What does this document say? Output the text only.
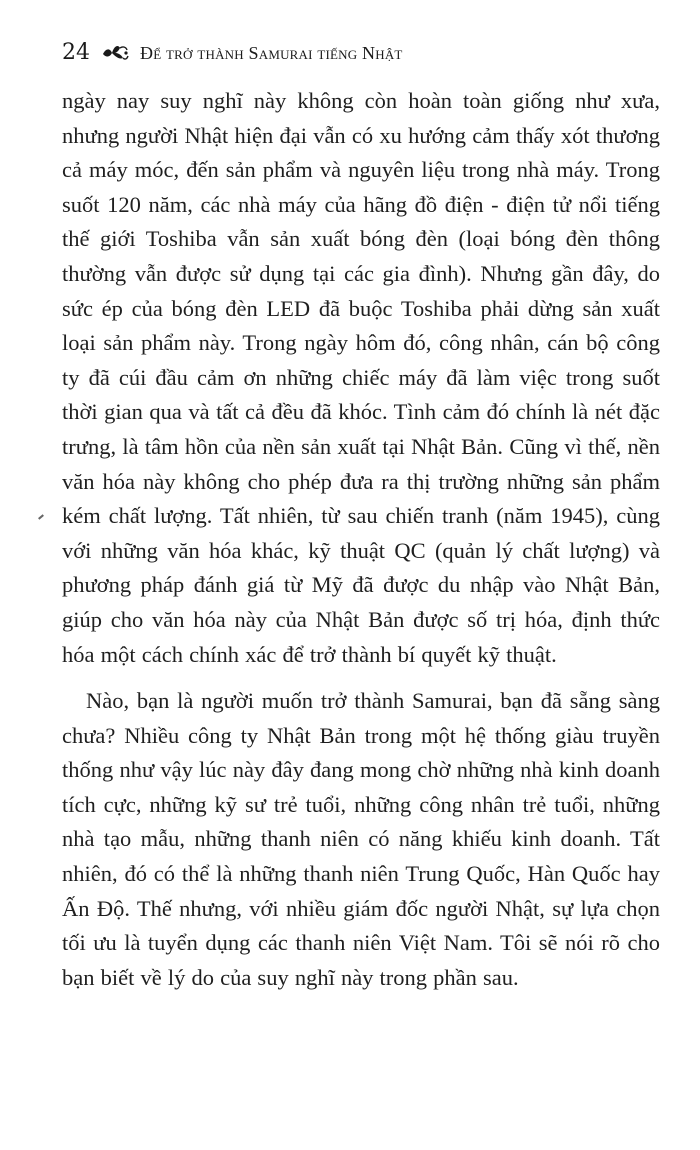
24	Để trở thành Samurai tiếng Nhật

ngày nay suy nghĩ này không còn hoàn toàn giống như xưa, nhưng người Nhật hiện đại vẫn có xu hướng cảm thấy xót thương cả máy móc, đến sản phẩm và nguyên liệu trong nhà máy. Trong suốt 120 năm, các nhà máy của hãng đồ điện - điện tử nổi tiếng thế giới Toshiba vẫn sản xuất bóng đèn (loại bóng đèn thông thường vẫn được sử dụng tại các gia đình). Nhưng gần đây, do sức ép của bóng đèn LED đã buộc Toshiba phải dừng sản xuất loại sản phẩm này. Trong ngày hôm đó, công nhân, cán bộ công ty đã cúi đầu cảm ơn những chiếc máy đã làm việc trong suốt thời gian qua và tất cả đều đã khóc. Tình cảm đó chính là nét đặc trưng, là tâm hồn của nền sản xuất tại Nhật Bản. Cũng vì thế, nền văn hóa này không cho phép đưa ra thị trường những sản phẩm kém chất lượng. Tất nhiên, từ sau chiến tranh (năm 1945), cùng với những văn hóa khác, kỹ thuật QC (quản lý chất lượng) và phương pháp đánh giá từ Mỹ đã được du nhập vào Nhật Bản, giúp cho văn hóa này của Nhật Bản được số trị hóa, định thức hóa một cách chính xác để trở thành bí quyết kỹ thuật.

Nào, bạn là người muốn trở thành Samurai, bạn đã sẵng sàng chưa? Nhiều công ty Nhật Bản trong một hệ thống giàu truyền thống như vậy lúc này đây đang mong chờ những nhà kinh doanh tích cực, những kỹ sư trẻ tuổi, những công nhân trẻ tuổi, những nhà tạo mẫu, những thanh niên có năng khiếu kinh doanh. Tất nhiên, đó có thể là những thanh niên Trung Quốc, Hàn Quốc hay Ấn Độ. Thế nhưng, với nhiều giám đốc người Nhật, sự lựa chọn tối ưu là tuyển dụng các thanh niên Việt Nam. Tôi sẽ nói rõ cho bạn biết về lý do của suy nghĩ này trong phần sau.
